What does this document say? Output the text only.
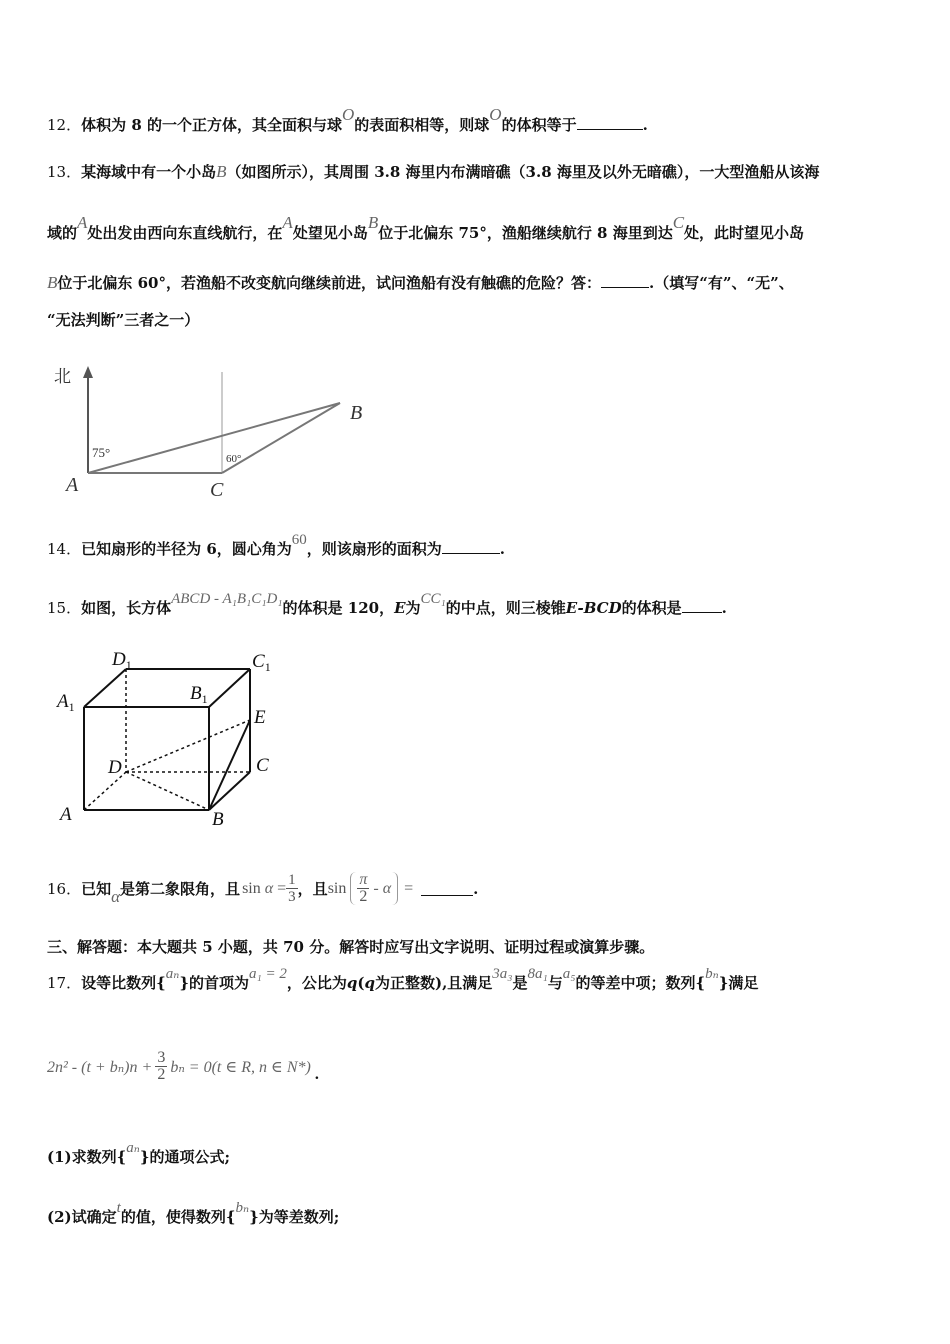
12．体积为 8 的一个正方体，其全面积与球O的表面积相等，则球O的体积等于	.
13．某海域中有一个小岛B（如图所示），其周围 3.8 海里内布满暗礁（3.8 海里及以外无暗礁），一大型渔船从该海
域的A处出发由西向东直线航行，在A处望见小岛B位于北偏东 75°，渔船继续航行 8 海里到达C处，此时望见小岛
B位于北偏东 60°，若渔船不改变航向继续前进，试问渔船有没有触礁的危险？答：	.（填写“有”、“无”、
“无法判断”三者之一）
北
75°	60°
A	C
B
14．已知扇形的半径为 6，圆心角为60，则该扇形的面积为	.
15．如图，长方体ABCD - A₁B₁C₁D₁的体积是 120，E为CC₁的中点，则三棱锥E-BCD的体积是	.
$D_1$	$C_1$
$A_1$
$B_1$
E
D	C
A	B
16． 已知 α 是第二象限角，且 $\sin \alpha = \frac{1}{3}$ ，且 $\sin \frac{\pi}{2}$ - α =	.
三、解答题：本大题共 5 小题，共 70 分。解答时应写出文字说明、证明过程或演算步骤。
17．设等比数列{aₙ}的首项为a₁ = 2，公比为q(q为正整数),且满足3a₃是8a₁与a₅的等差中项；数列{bₙ}满足
$2n^2 - (t + b_n)n + \frac{3}{2}$ bₙ = 0(t ∈ R, n ∈ N*) .
(1)求数列{aₙ}的通项公式;
(2)试确定t的值，使得数列{bₙ}为等差数列;
